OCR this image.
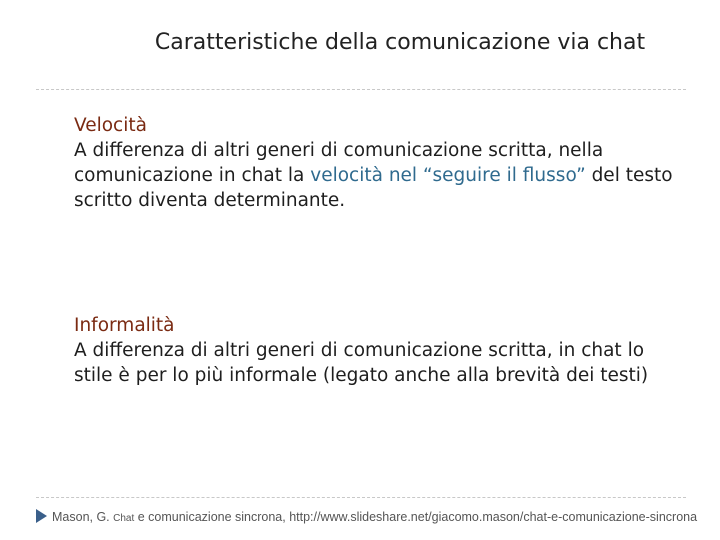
Caratteristiche della comunicazione via chat
Velocità
A differenza di altri generi di comunicazione scritta, nella comunicazione in chat la velocità nel “seguire il flusso” del testo scritto diventa determinante.
Informalità
A differenza di altri generi di comunicazione scritta, in chat lo stile è per lo più informale (legato anche alla brevità dei testi)
Mason, G. Chat e comunicazione sincrona, http://www.slideshare.net/giacomo.mason/chat-e-comunicazione-sincrona
